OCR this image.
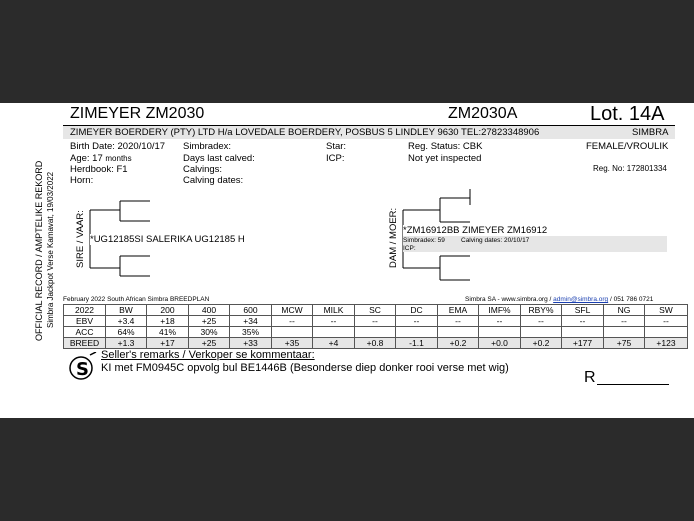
OFFICIAL RECORD / AMPTELIKE REKORD Simbra Jackpot Verse Kamavat, 19/03/2022
ZIMEYER ZM2030	ZM2030A	Lot. 14A
ZIMEYER BOERDERY (PTY) LTD H/a LOVEDALE BOERDERY, POSBUS 5 LINDLEY 9630 TEL:27823348906	SIMBRA
Birth Date: 2020/10/17
Age: 17 months
Herdbook: F1
Horn:
Simbradex:
Days last calved:
Calvings:
Calving dates:
Star:
ICP:
Reg. Status: CBK
Not yet inspected
FEMALE/VROULIK
Reg. No: 172801334
SIRE / VAAR: *UG12185SI SALERIKA UG12185 H	DAM / MOER: *ZM16912BB ZIMEYER ZM16912
Simbradex: 59 Calving dates: 20/10/17
ICP:
February 2022 South African Simbra BREEDPLAN	Simbra SA - www.simbra.org / admin@simbra.org / 051 786 0721
2022	BW	200	400	600	MCW	MILK	SC	DC	EMA	IMF%	RBY%	SFL	NG	SW
EBV	+3.4	+18	+25	+34	--	--	--	--	--	--	--	--	--	--
ACC	64%	41%	30%	35%										
BREED	+1.3	+17	+25	+33	+35	+4	+0.8	-1.1	+0.2	+0.0	+0.2	+177	+75	+123
S
Seller's remarks / Verkoper se kommentaar:
KI met FM0945C opvolg bul BE1446B (Besonderse diep donker rooi verse met wig)
R
